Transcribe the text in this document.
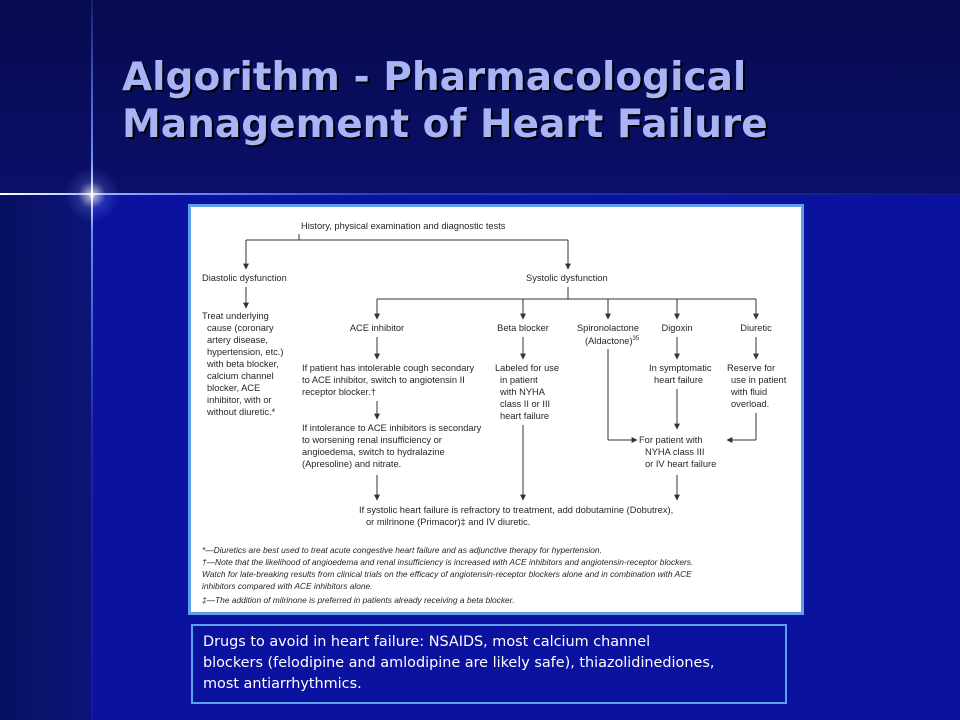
Algorithm - Pharmacological
Management of Heart Failure
History, physical examination and diagnostic tests
Diastolic dysfunction
Treat underlying cause (coronary artery disease, hypertension, etc.) with beta blocker, calcium channel blocker, ACE inhibitor, with or without diuretic.*
Systolic dysfunction
ACE inhibitor	Beta blocker	Spironolactone Digoxin	Diuretic
(Aldactone)$^{35}$
If patient has intolerable cough secondary to ACE inhibitor, switch to angiotensin II receptor blocker.†
If intolerance to ACE inhibitors is secondary to worsening renal insufficiency or angioedema, switch to hydralazine (Apresoline) and nitrate.
Labeled for use in patient with NYHA class II or III heart failure
In symptomatic heart failure
Reserve for use in patient with fluid overload.
For patient with NYHA class III or IV heart failure
If systolic heart failure is refractory to treatment, add dobutamine (Dobutrex), or milrinone (Primacor)‡ and IV diuretic.
*—Diuretics are best used to treat acute congestive heart failure and as adjunctive therapy for hypertension. †—Note that the likelihood of angioedema and renal insufficiency is increased with ACE inhibitors and angiotensin-receptor blockers. Watch for late-breaking results from clinical trials on the efficacy of angiotensin-receptor blockers alone and in combination with ACE inhibitors compared with ACE inhibitors alone. ‡—The addition of milrinone is preferred in patients already receiving a beta blocker.
Drugs to avoid in heart failure: NSAIDS, most calcium channel
blockers (felodipine and amlodipine are likely safe), thiazolidinediones,
most antiarrhythmics.
